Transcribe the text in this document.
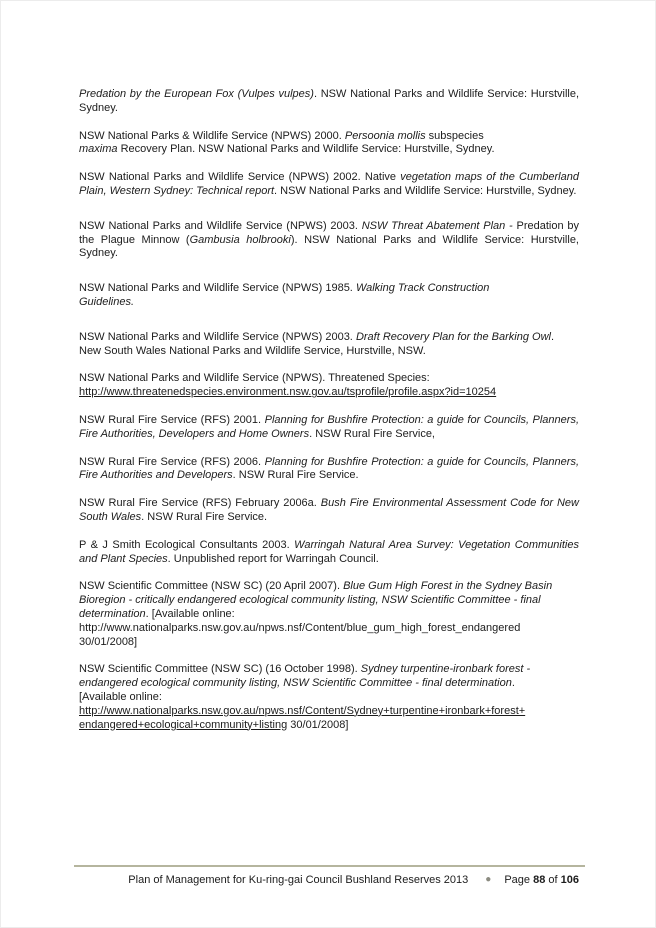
Predation by the European Fox (Vulpes vulpes). NSW National Parks and Wildlife Service: Hurstville, Sydney.

NSW National Parks & Wildlife Service (NPWS) 2000. Persoonia mollis subspecies
maxima Recovery Plan. NSW National Parks and Wildlife Service: Hurstville, Sydney.

NSW National Parks and Wildlife Service (NPWS) 2002. Native vegetation maps of the Cumberland Plain, Western Sydney: Technical report. NSW National Parks and Wildlife Service: Hurstville, Sydney.

NSW National Parks and Wildlife Service (NPWS) 2003. NSW Threat Abatement Plan - Predation by the Plague Minnow (Gambusia holbrooki). NSW National Parks and Wildlife Service: Hurstville, Sydney.

NSW National Parks and Wildlife Service (NPWS) 1985. Walking Track Construction
Guidelines.

NSW National Parks and Wildlife Service (NPWS) 2003. Draft Recovery Plan for the Barking Owl. New South Wales National Parks and Wildlife Service, Hurstville, NSW.

NSW National Parks and Wildlife Service (NPWS). Threatened Species:
http://www.threatenedspecies.environment.nsw.gov.au/tsprofile/profile.aspx?id=10254

NSW Rural Fire Service (RFS) 2001. Planning for Bushfire Protection: a guide for Councils, Planners, Fire Authorities, Developers and Home Owners. NSW Rural Fire Service,

NSW Rural Fire Service (RFS) 2006. Planning for Bushfire Protection: a guide for Councils, Planners, Fire Authorities and Developers. NSW Rural Fire Service.

NSW Rural Fire Service (RFS) February 2006a. Bush Fire Environmental Assessment Code for New South Wales. NSW Rural Fire Service.

P & J Smith Ecological Consultants 2003. Warringah Natural Area Survey: Vegetation Communities and Plant Species. Unpublished report for Warringah Council.

NSW Scientific Committee (NSW SC) (20 April 2007). Blue Gum High Forest in the Sydney Basin Bioregion - critically endangered ecological community listing, NSW Scientific Committee - final determination. [Available online:
http://www.nationalparks.nsw.gov.au/npws.nsf/Content/blue_gum_high_forest_endangered
30/01/2008]

NSW Scientific Committee (NSW SC) (16 October 1998). Sydney turpentine-ironbark forest - endangered ecological community listing, NSW Scientific Committee - final determination.
[Available online:
http://www.nationalparks.nsw.gov.au/npws.nsf/Content/Sydney+turpentine+ironbark+forest+
endangered+ecological+community+listing 30/01/2008]

Plan of Management for Ku-ring-gai Council Bushland Reserves 2013 ● Page 88 of 106
